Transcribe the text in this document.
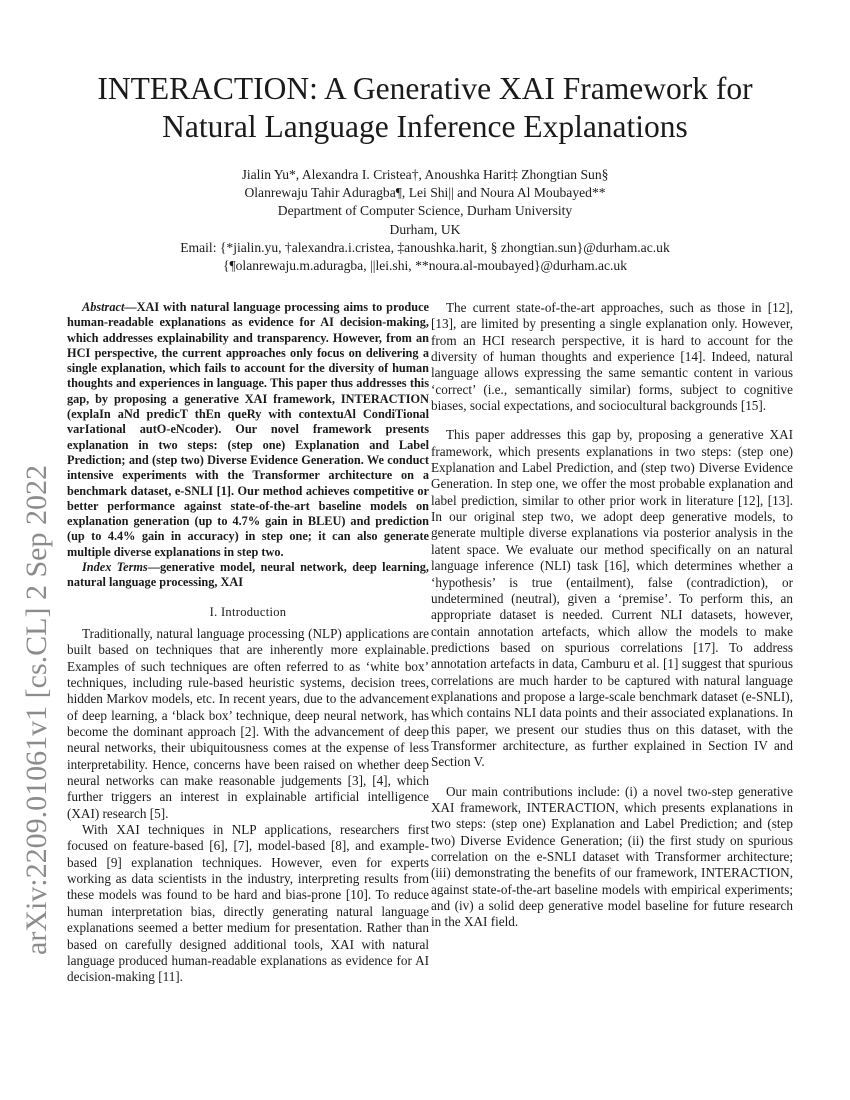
INTERACTION: A Generative XAI Framework for
Natural Language Inference Explanations
Jialin Yu*, Alexandra I. Cristea†, Anoushka Harit‡ Zhongtian Sun§
Olanrewaju Tahir Aduragba¶, Lei Shi|| and Noura Al Moubayed**
Department of Computer Science, Durham University
Durham, UK
Email: {*jialin.yu, †alexandra.i.cristea, ‡anoushka.harit, § zhongtian.sun}@durham.ac.uk
{¶olanrewaju.m.aduragba, ||lei.shi, **noura.al-moubayed}@durham.ac.uk
arXiv:2209.01061v1 [cs.CL] 2 Sep 2022

Abstract—XAI with natural language processing aims to produce human-readable explanations as evidence for AI decision-making, which addresses explainability and transparency. However, from an HCI perspective, the current approaches only focus on delivering a single explanation, which fails to account for the diversity of human thoughts and experiences in language. This paper thus addresses this gap, by proposing a generative XAI framework, INTERACTION (explaIn aNd predicT thEn queRy with contextuAl CondiTional varIational autO-eNcoder). Our novel framework presents explanation in two steps: (step one) Explanation and Label Prediction; and (step two) Diverse Evidence Generation. We conduct intensive experiments with the Transformer architecture on a benchmark dataset, e-SNLI [1]. Our method achieves competitive or better performance against state-of-the-art baseline models on explanation generation (up to 4.7% gain in BLEU) and prediction (up to 4.4% gain in accuracy) in step one; it can also generate multiple diverse explanations in step two.

Index Terms—generative model, neural network, deep learning, natural language processing, XAI

I. Introduction

Traditionally, natural language processing (NLP) applications are built based on techniques that are inherently more explainable. Examples of such techniques are often referred to as ‘white box’ techniques, including rule-based heuristic systems, decision trees, hidden Markov models, etc. In recent years, due to the advancement of deep learning, a ‘black box’ technique, deep neural network, has become the dominant approach [2]. With the advancement of deep neural networks, their ubiquitousness comes at the expense of less interpretability. Hence, concerns have been raised on whether deep neural networks can make reasonable judgements [3], [4], which further triggers an interest in explainable artificial intelligence (XAI) research [5].

With XAI techniques in NLP applications, researchers first focused on feature-based [6], [7], model-based [8], and example-based [9] explanation techniques. However, even for experts working as data scientists in the industry, interpreting results from these models was found to be hard and bias-prone [10]. To reduce human interpretation bias, directly generating natural language explanations seemed a better medium for presentation. Rather than based on carefully designed additional tools, XAI with natural language produced human-readable explanations as evidence for AI decision-making [11].

The current state-of-the-art approaches, such as those in [12], [13], are limited by presenting a single explanation only. However, from an HCI research perspective, it is hard to account for the diversity of human thoughts and experience [14]. Indeed, natural language allows expressing the same semantic content in various ‘correct’ (i.e., semantically similar) forms, subject to cognitive biases, social expectations, and sociocultural backgrounds [15].

This paper addresses this gap by, proposing a generative XAI framework, which presents explanations in two steps: (step one) Explanation and Label Prediction, and (step two) Diverse Evidence Generation. In step one, we offer the most probable explanation and label prediction, similar to other prior work in literature [12], [13]. In our original step two, we adopt deep generative models, to generate multiple diverse explanations via posterior analysis in the latent space. We evaluate our method specifically on an natural language inference (NLI) task [16], which determines whether a ‘hypothesis’ is true (entailment), false (contradiction), or undetermined (neutral), given a ‘premise’. To perform this, an appropriate dataset is needed. Current NLI datasets, however, contain annotation artefacts, which allow the models to make predictions based on spurious correlations [17]. To address annotation artefacts in data, Camburu et al. [1] suggest that spurious correlations are much harder to be captured with natural language explanations and propose a large-scale benchmark dataset (e-SNLI), which contains NLI data points and their associated explanations. In this paper, we present our studies thus on this dataset, with the Transformer architecture, as further explained in Section IV and Section V.

Our main contributions include: (i) a novel two-step generative XAI framework, INTERACTION, which presents explanations in two steps: (step one) Explanation and Label Prediction; and (step two) Diverse Evidence Generation; (ii) the first study on spurious correlation on the e-SNLI dataset with Transformer architecture; (iii) demonstrating the benefits of our framework, INTERACTION, against state-of-the-art baseline models with empirical experiments; and (iv) a solid deep generative model baseline for future research in the XAI field.
